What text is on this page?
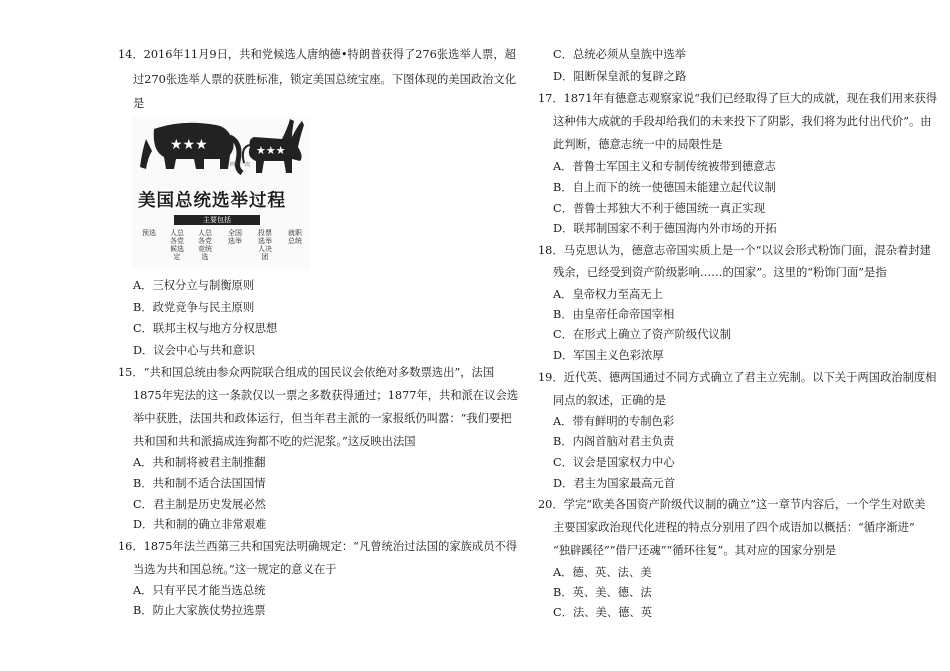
14．2016年11月9日，共和党候选人唐纳德•特朗普获得了276张选举人票，超
过270张选举人票的获胜标准，锁定美国总统宝座。下图体现的美国政治文化
是
★★★	★★★
四年一次
美国总统选举过程
主要包括
预选 人总各党候选定
人总各党竞统选
全国选举
投票选举人决团
就职总统
A．三权分立与制衡原则
B．政党竞争与民主原则
C．联邦主权与地方分权思想
D．议会中心与共和意识
15．“共和国总统由参众两院联合组成的国民议会依绝对多数票选出”，法国
1875年宪法的这一条款仅以一票之多数获得通过；1877年，共和派在议会选
举中获胜，法国共和政体运行，但当年君主派的一家报纸仍叫嚣：“我们要把
共和国和共和派搞成连狗都不吃的烂泥浆。”这反映出法国
A．共和制将被君主制推翻
B．共和制不适合法国国情
C．君主制是历史发展必然
D．共和制的确立非常艰难
16．1875年法兰西第三共和国宪法明确规定：“凡曾统治过法国的家族成员不得
当选为共和国总统。”这一规定的意义在于
A．只有平民才能当选总统
B．防止大家族仗势拉选票
C．总统必须从皇族中选举
D．阻断保皇派的复辟之路
17．1871年有德意志观察家说“我们已经取得了巨大的成就，现在我们用来获得
这种伟大成就的手段却给我们的未来投下了阴影，我们将为此付出代价”。由
此判断，德意志统一中的局限性是
A．普鲁士军国主义和专制传统被带到德意志
B．自上而下的统一使德国未能建立起代议制
C．普鲁士邦独大不利于德国统一真正实现
D．联邦制国家不利于德国海内外市场的开拓
18．马克思认为，德意志帝国实质上是一个“以议会形式粉饰门面，混杂着封建
残余，已经受到资产阶级影响……的国家”。这里的“粉饰门面”是指
A．皇帝权力至高无上
B．由皇帝任命帝国宰相
C．在形式上确立了资产阶级代议制
D．军国主义色彩浓厚
19．近代英、德两国通过不同方式确立了君主立宪制。以下关于两国政治制度相
同点的叙述，正确的是
A．带有鲜明的专制色彩
B．内阁首脑对君主负责
C．议会是国家权力中心
D．君主为国家最高元首
20．学完“欧美各国资产阶级代议制的确立”这一章节内容后，一个学生对欧美
主要国家政治现代化进程的特点分别用了四个成语加以概括：“循序渐进”
“独辟蹊径”“借尸还魂”“循环往复”。其对应的国家分别是
A．德、英、法、美
B．英、美、德、法
C．法、美、德、英
